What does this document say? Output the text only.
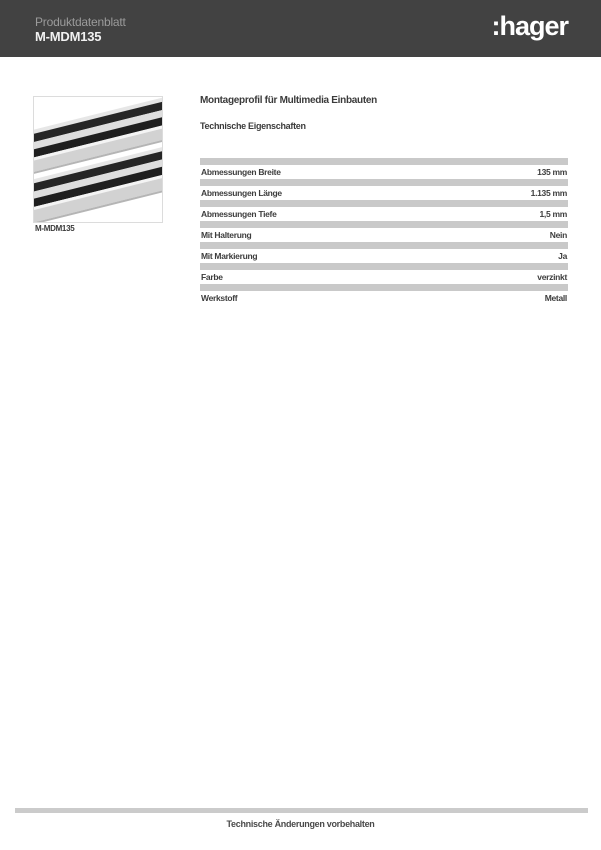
Produktdatenblatt
M-MDM135	:hager
M-MDM135
Montageprofil für Multimedia Einbauten
Technische Eigenschaften
Abmessungen Breite	135 mm
Abmessungen Länge	1.135 mm
Abmessungen Tiefe	1,5 mm
Mit Halterung	Nein
Mit Markierung	Ja
Farbe	verzinkt
Werkstoff	Metall
Technische Änderungen vorbehalten
